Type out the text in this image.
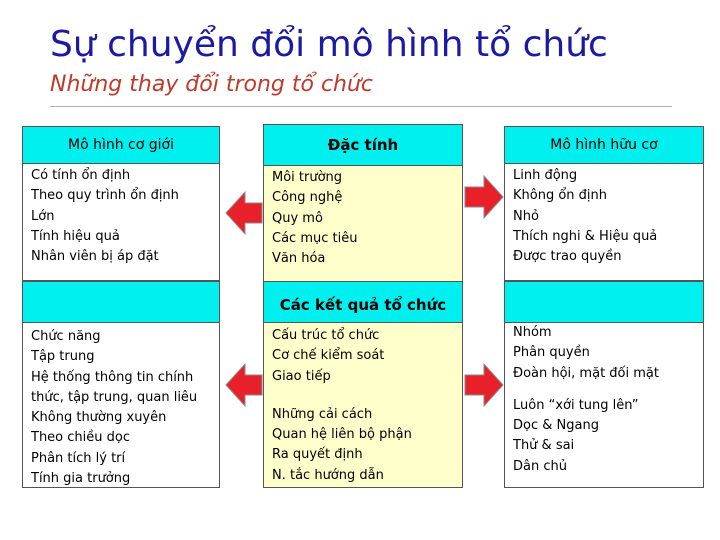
Sự chuyển đổi mô hình tổ chức
Những thay đổi trong tổ chức
Mô hình cơ giới
Có tính ổn định
Theo quy trình ổn định
Lớn
Tính hiệu quả
Nhân viên bị áp đặt
Chức năng
Tập trung
Hệ thống thông tin chính thức, tập trung, quan liêu
Không thường xuyên
Theo chiều dọc
Phân tích lý trí
Tính gia trưởng
Đặc tính
Môi trường
Công nghệ
Quy mô
Các mục tiêu
Văn hóa
Các kết quả tổ chức
Cấu trúc tổ chức
Cơ chế kiểm soát
Giao tiếp
Những cải cách
Quan hệ liên bộ phận
Ra quyết định
N. tắc hướng dẫn
Mô hình hữu cơ
Linh động
Không ổn định
Nhỏ
Thích nghi & Hiệu quả
Được trao quyền
Nhóm
Phân quyền
Đoàn hội, mặt đối mặt
Luôn “xới tung lên”
Dọc & Ngang
Thử & sai
Dân chủ
